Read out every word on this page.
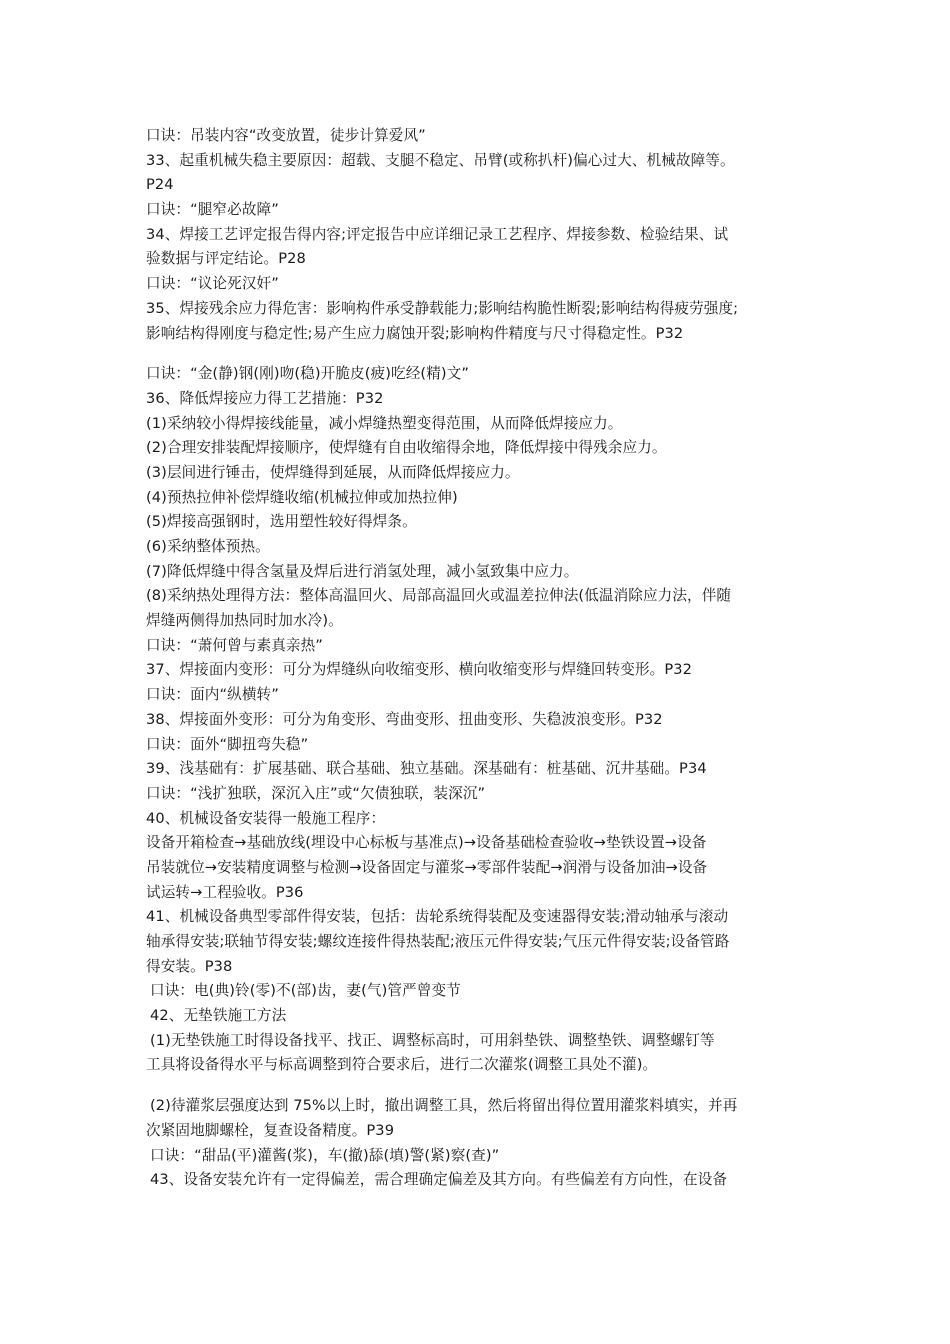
口诀：吊装内容“改变放置，徒步计算爱风”
33、起重机械失稳主要原因：超载、支腿不稳定、吊臂(或称扒杆)偏心过大、机械故障等。
P24
口诀：“腿窄必故障”
34、焊接工艺评定报告得内容;评定报告中应详细记录工艺程序、焊接参数、检验结果、试
验数据与评定结论。P28
口诀：“议论死汉奸”
35、焊接残余应力得危害：影响构件承受静载能力;影响结构脆性断裂;影响结构得疲劳强度;
影响结构得刚度与稳定性;易产生应力腐蚀开裂;影响构件精度与尺寸得稳定性。P32
口诀：“金(静)钢(刚)吻(稳)开脆皮(疲)吃经(精)文”
36、降低焊接应力得工艺措施：P32
(1)采纳较小得焊接线能量，减小焊缝热塑变得范围，从而降低焊接应力。
(2)合理安排装配焊接顺序，使焊缝有自由收缩得余地，降低焊接中得残余应力。
(3)层间进行锤击，使焊缝得到延展，从而降低焊接应力。
(4)预热拉伸补偿焊缝收缩(机械拉伸或加热拉伸)
(5)焊接高强钢时，选用塑性较好得焊条。
(6)采纳整体预热。
(7)降低焊缝中得含氢量及焊后进行消氢处理，减小氢致集中应力。
(8)采纳热处理得方法：整体高温回火、局部高温回火或温差拉伸法(低温消除应力法，伴随
焊缝两侧得加热同时加水冷)。
口诀：“萧何曾与素真亲热”
37、焊接面内变形：可分为焊缝纵向收缩变形、横向收缩变形与焊缝回转变形。P32
口诀：面内“纵横转”
38、焊接面外变形：可分为角变形、弯曲变形、扭曲变形、失稳波浪变形。P32
口诀：面外“脚扭弯失稳”
39、浅基础有：扩展基础、联合基础、独立基础。深基础有：桩基础、沉井基础。P34
口诀：“浅扩独联，深沉入庄”或“欠债独联，装深沉”
40、机械设备安装得一般施工程序：
设备开箱检查→基础放线(埋设中心标板与基准点)→设备基础检查验收→垫铁设置→设备
吊装就位→安装精度调整与检测→设备固定与灌浆→零部件装配→润滑与设备加油→设备
试运转→工程验收。P36
41、机械设备典型零部件得安装，包括：齿轮系统得装配及变速器得安装;滑动轴承与滚动
轴承得安装;联轴节得安装;螺纹连接件得热装配;液压元件得安装;气压元件得安装;设备管路
得安装。P38
口诀：电(典)铃(零)不(部)齿，妻(气)管严曾变节
42、无垫铁施工方法
(1)无垫铁施工时得设备找平、找正、调整标高时，可用斜垫铁、调整垫铁、调整螺钉等
工具将设备得水平与标高调整到符合要求后，进行二次灌浆(调整工具处不灌)。
(2)待灌浆层强度达到 75%以上时，撤出调整工具，然后将留出得位置用灌浆料填实，并再
次紧固地脚螺栓，复查设备精度。P39
口诀：“甜品(平)灌酱(浆)，车(撤)舔(填)警(紧)察(查)”
43、设备安装允许有一定得偏差，需合理确定偏差及其方向。有些偏差有方向性，在设备
